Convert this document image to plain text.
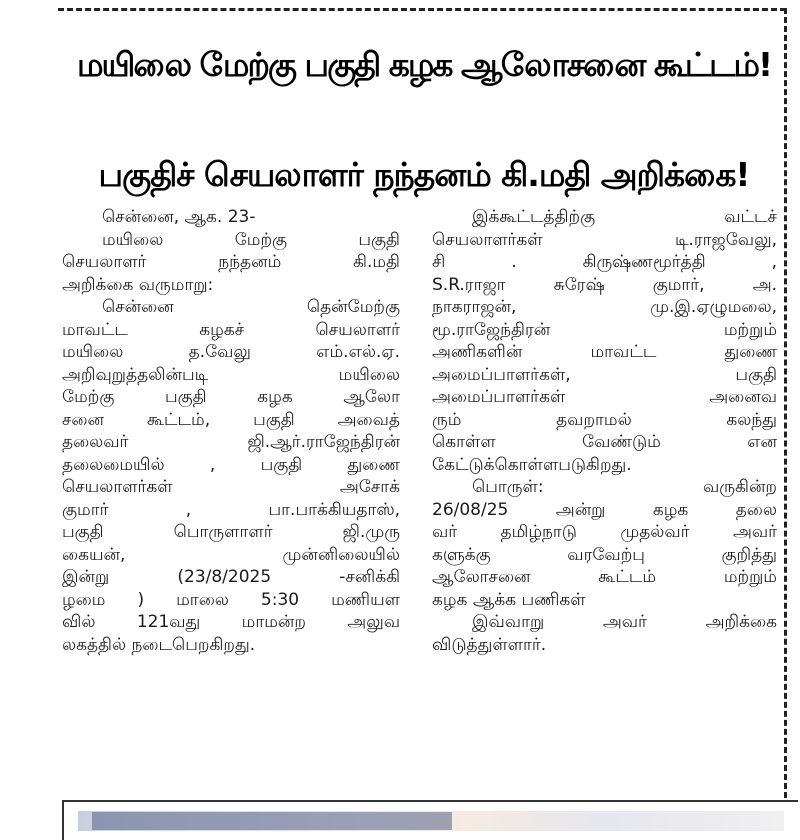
மயிலை மேற்கு பகுதி கழக ஆலோசனை கூட்டம்!
பகுதிச் செயலாளர் நந்தனம் கி.மதி அறிக்கை!
சென்னை, ஆக. 23-
மயிலை மேற்கு பகுதி
செயலாளர் நந்தனம் கி.மதி
அறிக்கை வருமாறு:
சென்னை தென்மேற்கு
மாவட்ட கழகச் செயலாளர்
மயிலை த.வேலு எம்.எல்.ஏ.
அறிவுறுத்தலின்படி மயிலை
மேற்கு பகுதி கழக ஆலோ
சனை கூட்டம், பகுதி அவைத்
தலைவர் ஜி.ஆர்.ராஜேந்திரன்
தலைமையில் , பகுதி துணை
செயலாளர்கள் அசோக்
குமார் , பா.பாக்கியதாஸ்,
பகுதி பொருளாளர் ஜி.முரு
கையன், முன்னிலையில்
இன்று (23/8/2025 -சனிக்கி
ழமை ) மாலை 5:30 மணியள
வில் 121வது மாமன்ற அலுவ
லகத்தில் நடைபெறகிறது.
இக்கூட்டத்திற்கு வட்டச்
செயலாளர்கள் டி.ராஜவேலு,
சி . கிருஷ்ணமூர்த்தி ,
S.R.ராஜா சுரேஷ் குமார், அ.
நாகராஜன், மு.இ.ஏழுமலை,
மூ.ராஜேந்திரன் மற்றும்
அணிகளின் மாவட்ட துணை
அமைப்பாளர்கள், பகுதி
அமைப்பாளர்கள் அனைவ
ரும் தவறாமல் கலந்து
கொள்ள வேண்டும் என
கேட்டுக்கொள்ளபடுகிறது.
பொருள்: வருகின்ற
26/08/25 அன்று கழக தலை
வர் தமிழ்நாடு முதல்வர் அவர்
களுக்கு வரவேற்பு குறித்து
ஆலோசனை கூட்டம் மற்றும்
கழக ஆக்க பணிகள்
இவ்வாறு அவர் அறிக்கை
விடுத்துள்ளார்.
